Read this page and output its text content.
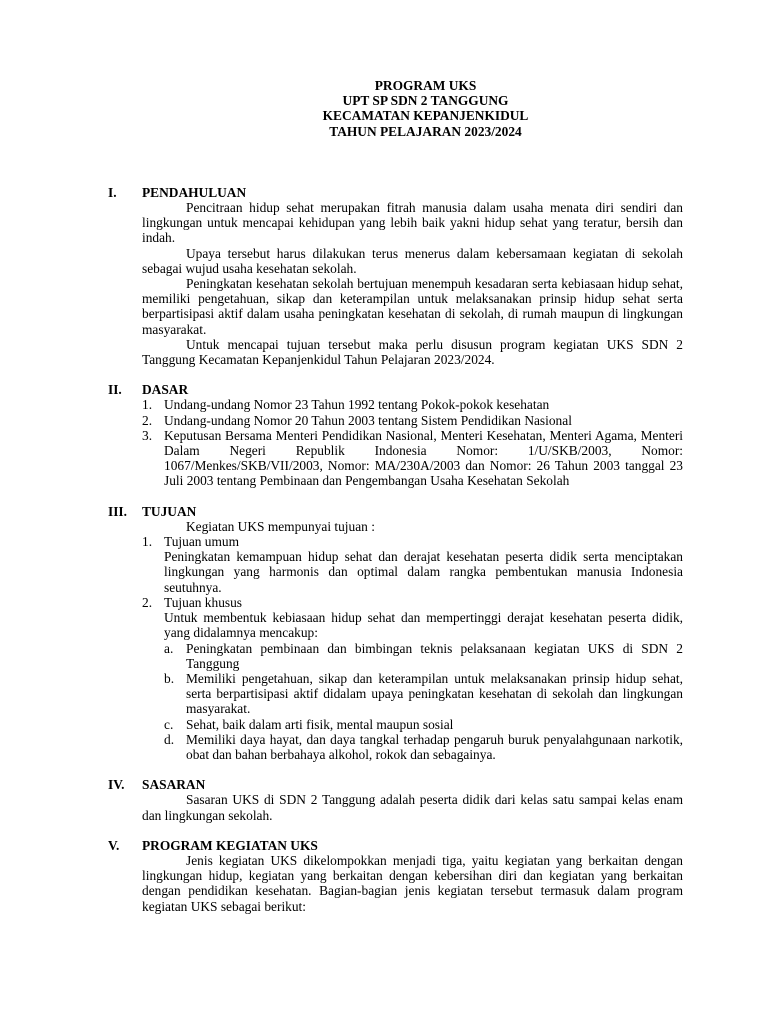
PROGRAM UKS
UPT SP SDN 2 TANGGUNG
KECAMATAN KEPANJENKIDUL
TAHUN PELAJARAN 2023/2024
I.	PENDAHULUAN

Pencitraan hidup sehat merupakan fitrah manusia dalam usaha menata diri sendiri dan lingkungan untuk mencapai kehidupan yang lebih baik yakni hidup sehat yang teratur, bersih dan indah.

Upaya tersebut harus dilakukan terus menerus dalam kebersamaan kegiatan di sekolah sebagai wujud usaha kesehatan sekolah.

Peningkatan kesehatan sekolah bertujuan menempuh kesadaran serta kebiasaan hidup sehat, memiliki pengetahuan, sikap dan keterampilan untuk melaksanakan prinsip hidup sehat serta berpartisipasi aktif dalam usaha peningkatan kesehatan di sekolah, di rumah maupun di lingkungan masyarakat.

Untuk mencapai tujuan tersebut maka perlu disusun program kegiatan UKS SDN 2 Tanggung Kecamatan Kepanjenkidul Tahun Pelajaran 2023/2024.

II.	DASAR
1. Undang-undang Nomor 23 Tahun 1992 tentang Pokok-pokok kesehatan
2. Undang-undang Nomor 20 Tahun 2003 tentang Sistem Pendidikan Nasional
3. Keputusan Bersama Menteri Pendidikan Nasional, Menteri Kesehatan, Menteri Agama, Menteri Dalam Negeri Republik Indonesia Nomor: 1/U/SKB/2003, Nomor: 1067/Menkes/SKB/VII/2003, Nomor: MA/230A/2003 dan Nomor: 26 Tahun 2003 tanggal 23 Juli 2003 tentang Pembinaan dan Pengembangan Usaha Kesehatan Sekolah
III.	TUJUAN

Kegiatan UKS mempunyai tujuan :

1. Tujuan umum

Peningkatan kemampuan hidup sehat dan derajat kesehatan peserta didik serta menciptakan lingkungan yang harmonis dan optimal dalam rangka pembentukan manusia Indonesia seutuhnya.

2. Tujuan khusus

Untuk membentuk kebiasaan hidup sehat dan mempertinggi derajat kesehatan peserta didik, yang didalamnya mencakup:

a. Peningkatan pembinaan dan bimbingan teknis pelaksanaan kegiatan UKS di SDN 2 Tanggung
b. Memiliki pengetahuan, sikap dan keterampilan untuk melaksanakan prinsip hidup sehat, serta berpartisipasi aktif didalam upaya peningkatan kesehatan di sekolah dan lingkungan masyarakat.
c. Sehat, baik dalam arti fisik, mental maupun sosial
d. Memiliki daya hayat, dan daya tangkal terhadap pengaruh buruk penyalahgunaan narkotik, obat dan bahan berbahaya alkohol, rokok dan sebagainya.
IV.	SASARAN

Sasaran UKS di SDN 2 Tanggung adalah peserta didik dari kelas satu sampai kelas enam dan lingkungan sekolah.

V.	PROGRAM KEGIATAN UKS

Jenis kegiatan UKS dikelompokkan menjadi tiga, yaitu kegiatan yang berkaitan dengan lingkungan hidup, kegiatan yang berkaitan dengan kebersihan diri dan kegiatan yang berkaitan dengan pendidikan kesehatan. Bagian-bagian jenis kegiatan tersebut termasuk dalam program kegiatan UKS sebagai berikut:
